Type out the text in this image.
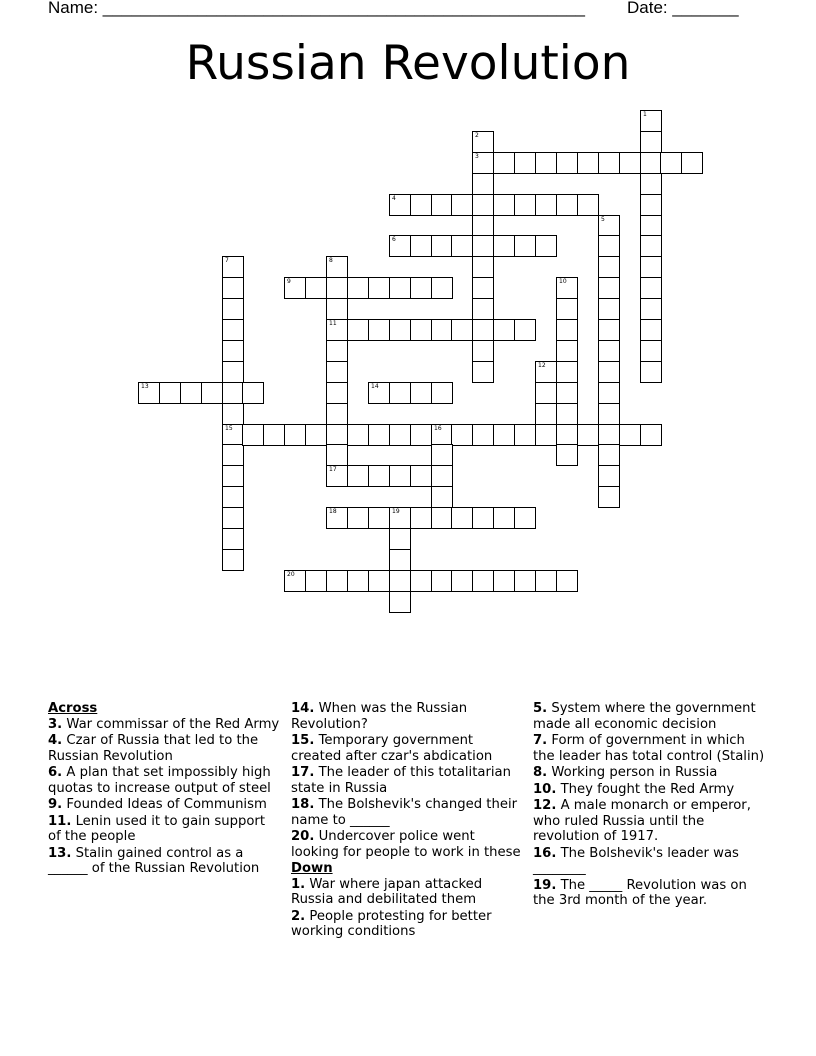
Name: ___________________________________________________ Date: _______
Russian Revolution
1
2
3
4
5
6
7
15
8
11
17
9	10
12
13	14
16
18	19
20
Across
3. War commissar of the Red Army
4. Czar of Russia that led to the Russian Revolution
6. A plan that set impossibly high quotas to increase output of steel
9. Founded Ideas of Communism
11. Lenin used it to gain support of the people
13. Stalin gained control as a ______ of the Russian Revolution
14. When was the Russian Revolution?
15. Temporary government created after czar's abdication
17. The leader of this totalitarian state in Russia
18. The Bolshevik's changed their name to ______
20. Undercover police went looking for people to work in these
Down
1. War where japan attacked Russia and debilitated them
2. People protesting for better working conditions
5. System where the government made all economic decision
7. Form of government in which the leader has total control (Stalin)
8. Working person in Russia
10. They fought the Red Army
12. A male monarch or emperor, who ruled Russia until the revolution of 1917.
16. The Bolshevik's leader was ________
19. The _____ Revolution was on the 3rd month of the year.
